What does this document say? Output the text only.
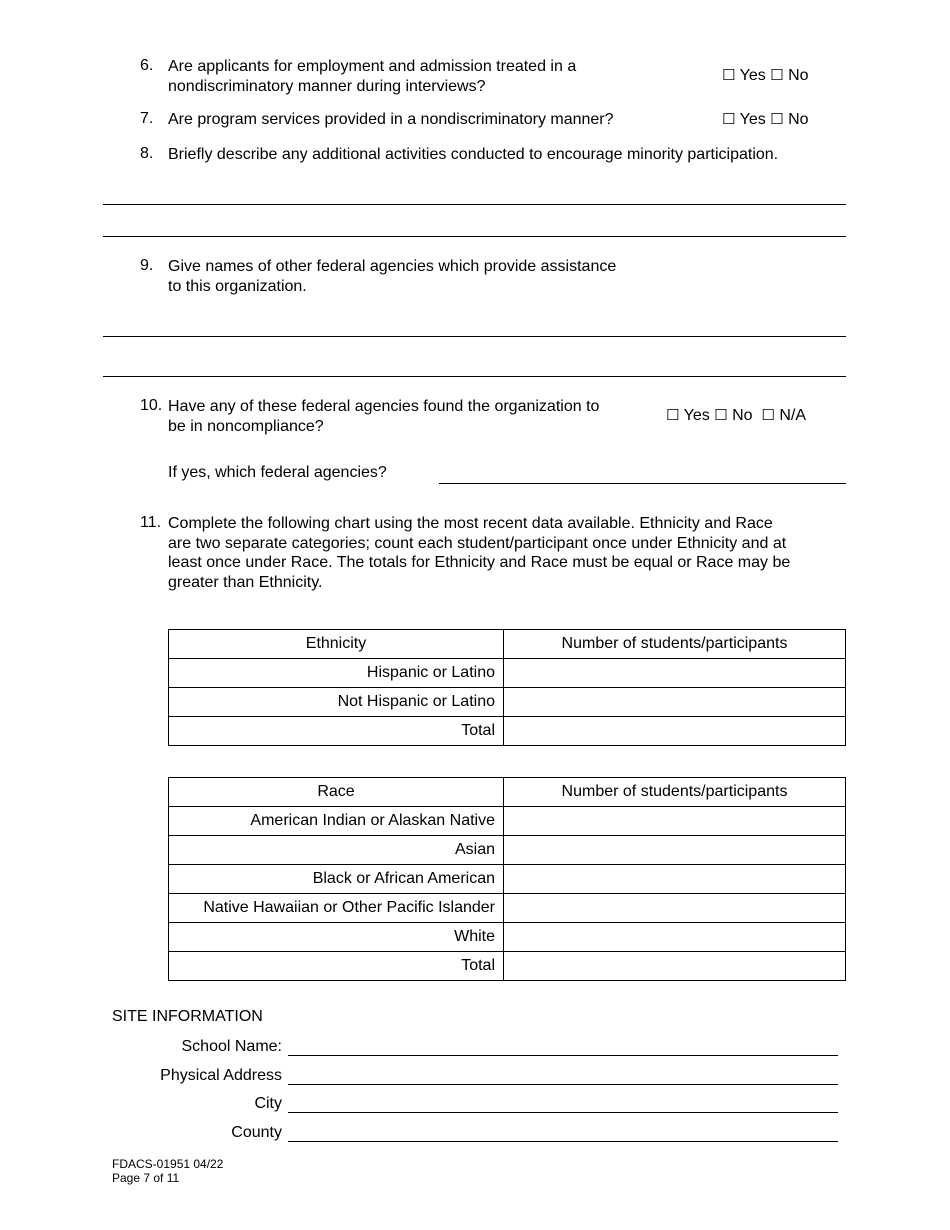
6. Are applicants for employment and admission treated in a
nondiscriminatory manner during interviews?
☐ Yes ☐ No
7. Are program services provided in a nondiscriminatory manner?	☐ Yes ☐ No
8. Briefly describe any additional activities conducted to encourage minority participation.
9. Give names of other federal agencies which provide assistance
to this organization.
10. Have any of these federal agencies found the organization to
be in noncompliance?
☐ Yes ☐ No ☐ N/A
If yes, which federal agencies?
11. Complete the following chart using the most recent data available. Ethnicity and Race
are two separate categories; count each student/participant once under Ethnicity and at
least once under Race. The totals for Ethnicity and Race must be equal or Race may be
greater than Ethnicity.
Ethnicity	Number of students/participants
Hispanic or Latino	
Not Hispanic or Latino	
Total	
Race	Number of students/participants
American Indian or Alaskan Native	
Asian	
Black or African American	
Native Hawaiian or Other Pacific Islander	
White	
Total	
SITE INFORMATION
School Name:
Physical Address
City
County
FDACS-01951 04/22
Page 7 of 11
